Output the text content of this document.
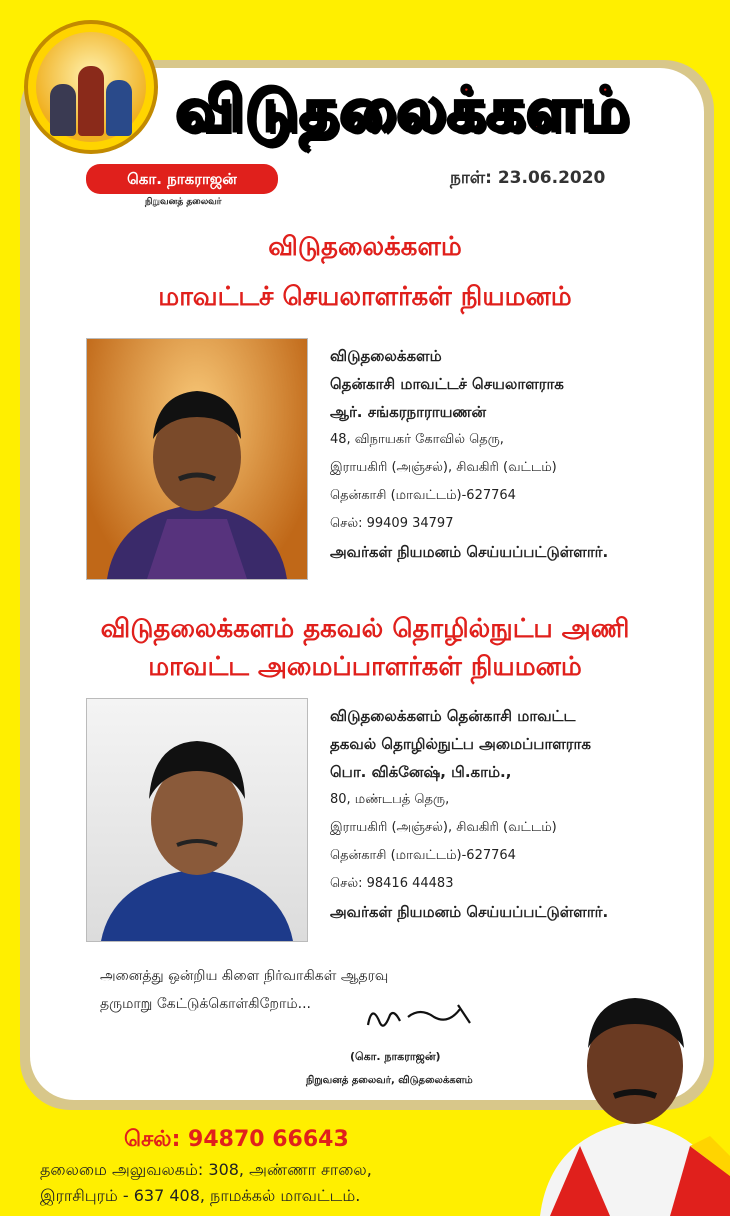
விடுதலைக்களம்
கொ. நாகராஜன்
நிறுவனத் தலைவர்
நாள்: 23.06.2020
விடுதலைக்களம்
மாவட்டச் செயலாளர்கள் நியமனம்
விடுதலைக்களம்
தென்காசி மாவட்டச் செயலாளராக
ஆர். சங்கரநாராயணன்
48, விநாயகர் கோவில் தெரு,
இராயகிரி (அஞ்சல்), சிவகிரி (வட்டம்)
தென்காசி (மாவட்டம்)-627764
செல்: 99409 34797
அவர்கள் நியமனம் செய்யப்பட்டுள்ளார்.
விடுதலைக்களம் தகவல் தொழில்நுட்ப அணி
மாவட்ட அமைப்பாளர்கள் நியமனம்
விடுதலைக்களம் தென்காசி மாவட்ட
தகவல் தொழில்நுட்ப அமைப்பாளராக
பொ. விக்னேஷ், பி.காம்.,
80, மண்டபத் தெரு,
இராயகிரி (அஞ்சல்), சிவகிரி (வட்டம்)
தென்காசி (மாவட்டம்)-627764
செல்: 98416 44483
அவர்கள் நியமனம் செய்யப்பட்டுள்ளார்.
அனைத்து ஒன்றிய கிளை நிர்வாகிகள் ஆதரவு
தருமாறு கேட்டுக்கொள்கிறோம்...
(கொ. நாகராஜன்)
நிறுவனத் தலைவர், விடுதலைக்களம்
செல்: 94870 66643
தலைமை அலுவலகம்: 308, அண்ணா சாலை,
இராசிபுரம் - 637 408, நாமக்கல் மாவட்டம்.
